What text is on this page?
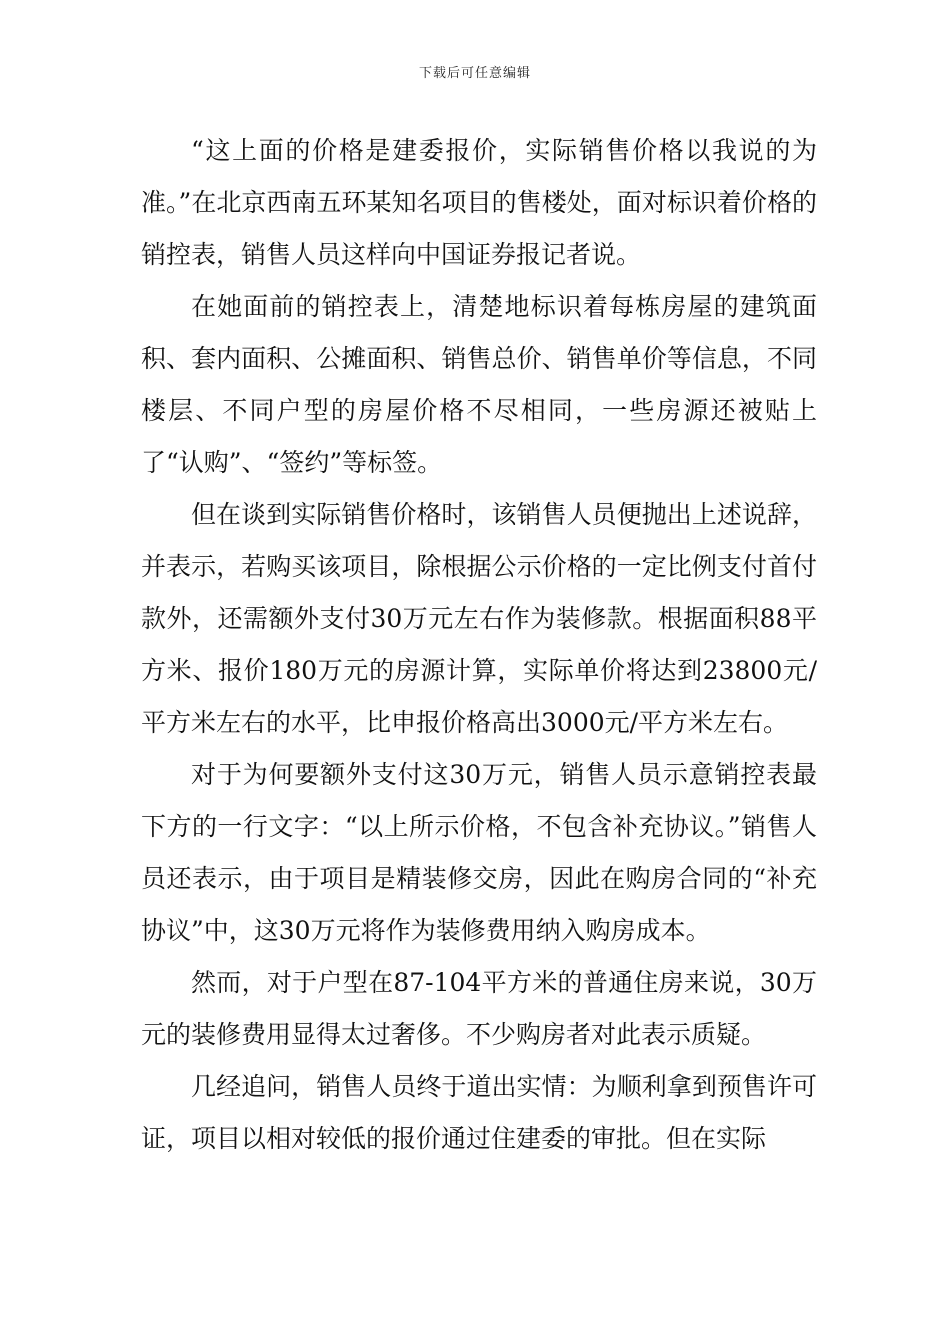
下载后可任意编辑

“这上面的价格是建委报价，实际销售价格以我说的为准。”在北京西南五环某知名项目的售楼处，面对标识着价格的销控表，销售人员这样向中国证券报记者说。

在她面前的销控表上，清楚地标识着每栋房屋的建筑面积、套内面积、公摊面积、销售总价、销售单价等信息，不同楼层、不同户型的房屋价格不尽相同，一些房源还被贴上了“认购”、“签约”等标签。

但在谈到实际销售价格时，该销售人员便抛出上述说辞，并表示，若购买该项目，除根据公示价格的一定比例支付首付款外，还需额外支付30万元左右作为装修款。根据面积88平方米、报价180万元的房源计算，实际单价将达到23800元/平方米左右的水平，比申报价格高出3000元/平方米左右。

对于为何要额外支付这30万元，销售人员示意销控表最下方的一行文字：“以上所示价格，不包含补充协议。”销售人员还表示，由于项目是精装修交房，因此在购房合同的“补充协议”中，这30万元将作为装修费用纳入购房成本。

然而，对于户型在87-104平方米的普通住房来说，30万元的装修费用显得太过奢侈。不少购房者对此表示质疑。

几经追问，销售人员终于道出实情：为顺利拿到预售许可证，项目以相对较低的报价通过住建委的审批。但在实际
